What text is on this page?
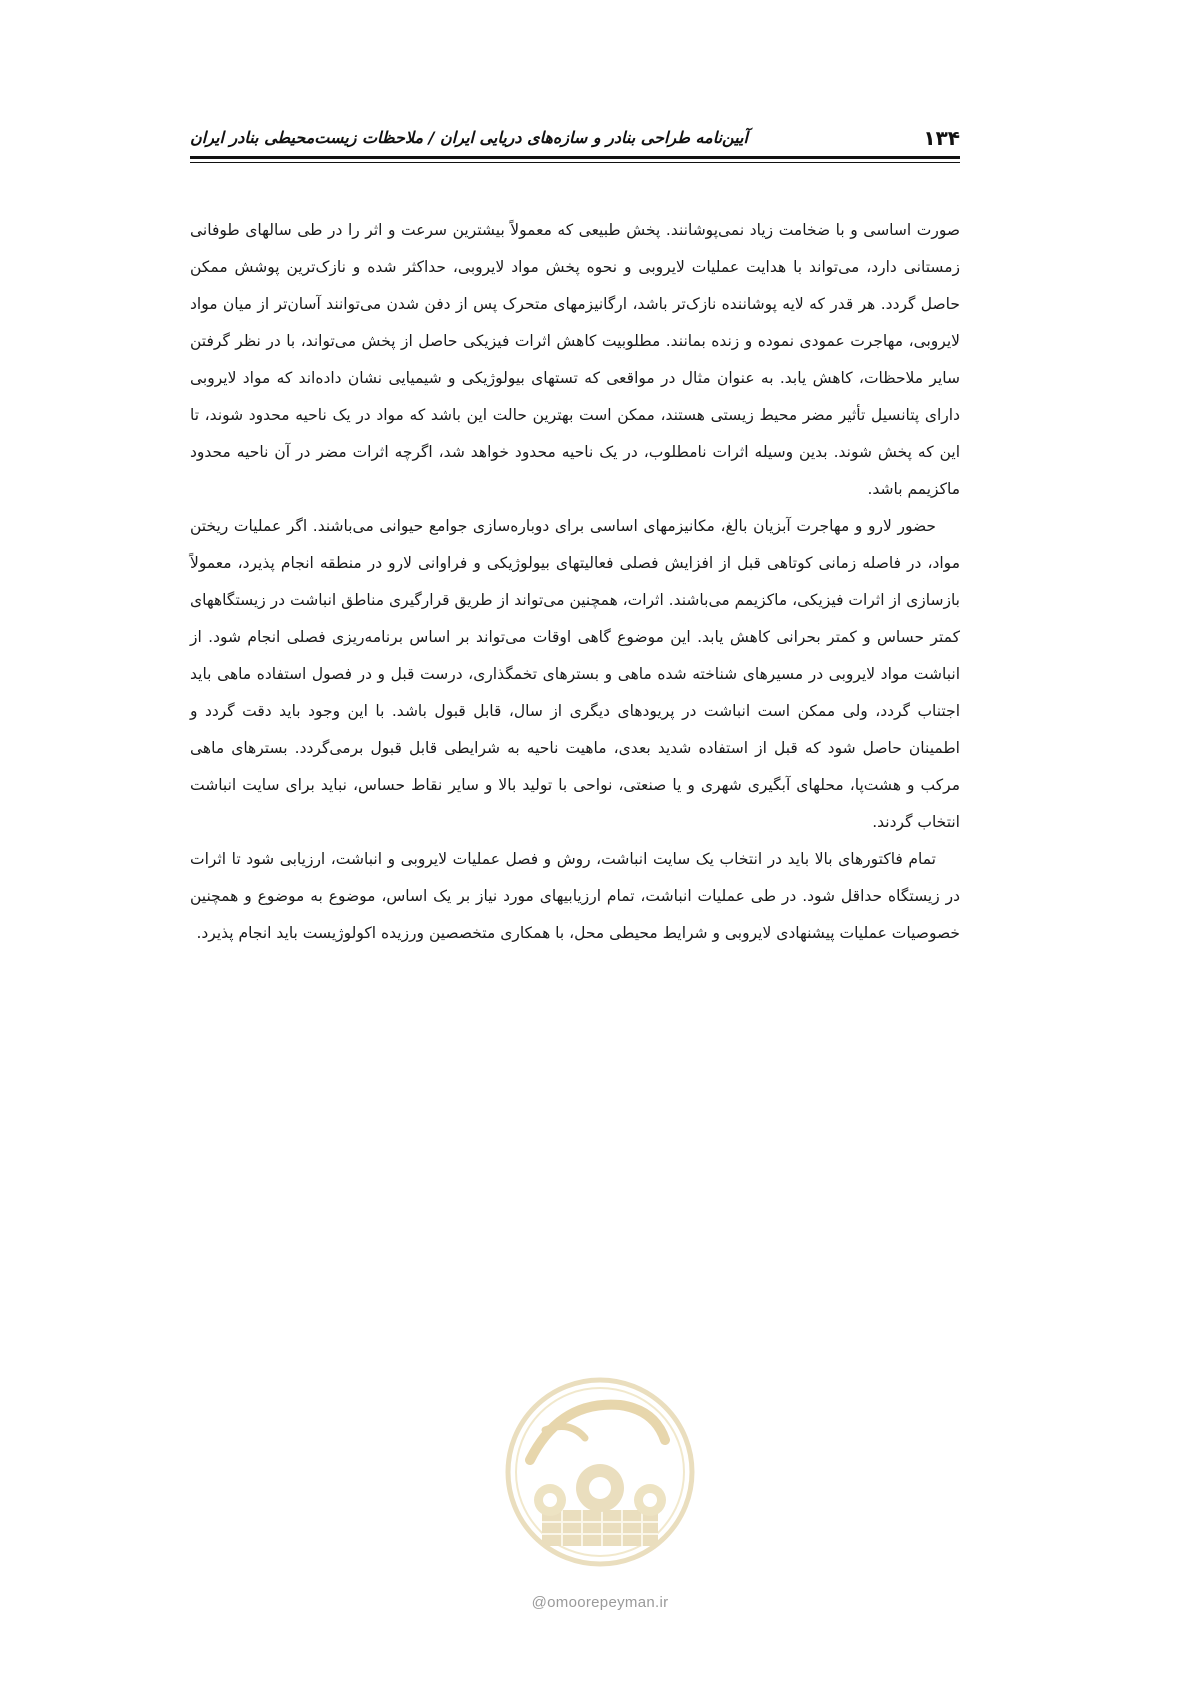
۱۳۴
آیین‌نامه طراحی بنادر و سازه‌های دریایی ایران / ملاحظات زیست‌محیطی بنادر ایران

صورت اساسی و با ضخامت زیاد نمی‌پوشانند. پخش طبیعی که معمولاً بیشترین سرعت و اثر را در طی سالهای طوفانی زمستانی دارد، می‌تواند با هدایت عملیات لایروبی و نحوه پخش مواد لایروبی، حداکثر شده و نازک‌ترین پوشش ممکن حاصل گردد. هر قدر که لایه پوشاننده نازک‌تر باشد، ارگانیزمهای متحرک پس از دفن شدن می‌توانند آسان‌تر از میان مواد لایروبی، مهاجرت عمودی نموده و زنده بمانند. مطلوبیت کاهش اثرات فیزیکی حاصل از پخش می‌تواند، با در نظر گرفتن سایر ملاحظات، کاهش یابد. به عنوان مثال در مواقعی که تستهای بیولوژیکی و شیمیایی نشان داده‌اند که مواد لایروبی دارای پتانسیل تأثیر مضر محیط زیستی هستند، ممکن است بهترین حالت این باشد که مواد در یک ناحیه محدود شوند، تا این که پخش شوند. بدین وسیله اثرات نامطلوب، در یک ناحیه محدود خواهد شد، اگرچه اثرات مضر در آن ناحیه محدود ماکزیمم باشد.

حضور لارو و مهاجرت آبزیان بالغ، مکانیزمهای اساسی برای دوباره‌سازی جوامع حیوانی می‌باشند. اگر عملیات ریختن مواد، در فاصله زمانی کوتاهی قبل از افزایش فصلی فعالیتهای بیولوژیکی و فراوانی لارو در منطقه انجام پذیرد، معمولاً بازسازی از اثرات فیزیکی، ماکزیمم می‌باشند. اثرات، همچنین می‌تواند از طریق قرارگیری مناطق انباشت در زیستگاههای کمتر حساس و کمتر بحرانی کاهش یابد. این موضوع گاهی اوقات می‌تواند بر اساس برنامه‌ریزی فصلی انجام شود. از انباشت مواد لایروبی در مسیرهای شناخته شده ماهی و بسترهای تخمگذاری، درست قبل و در فصول استفاده ماهی باید اجتناب گردد، ولی ممکن است انباشت در پریودهای دیگری از سال، قابل قبول باشد. با این وجود باید دقت گردد و اطمینان حاصل شود که قبل از استفاده شدید بعدی، ماهیت ناحیه به شرایطی قابل قبول برمی‌گردد. بسترهای ماهی مرکب و هشت‌پا، محلهای آبگیری شهری و یا صنعتی، نواحی با تولید بالا و سایر نقاط حساس، نباید برای سایت انباشت انتخاب گردند.

تمام فاکتورهای بالا باید در انتخاب یک سایت انباشت، روش و فصل عملیات لایروبی و انباشت، ارزیابی شود تا اثرات در زیستگاه حداقل شود. در طی عملیات انباشت، تمام ارزیابیهای مورد نیاز بر یک اساس، موضوع به موضوع و همچنین خصوصیات عملیات پیشنهادی لایروبی و شرایط محیطی محل، با همکاری متخصصین ورزیده اکولوژیست باید انجام پذیرد.

@omoorepeyman.ir
